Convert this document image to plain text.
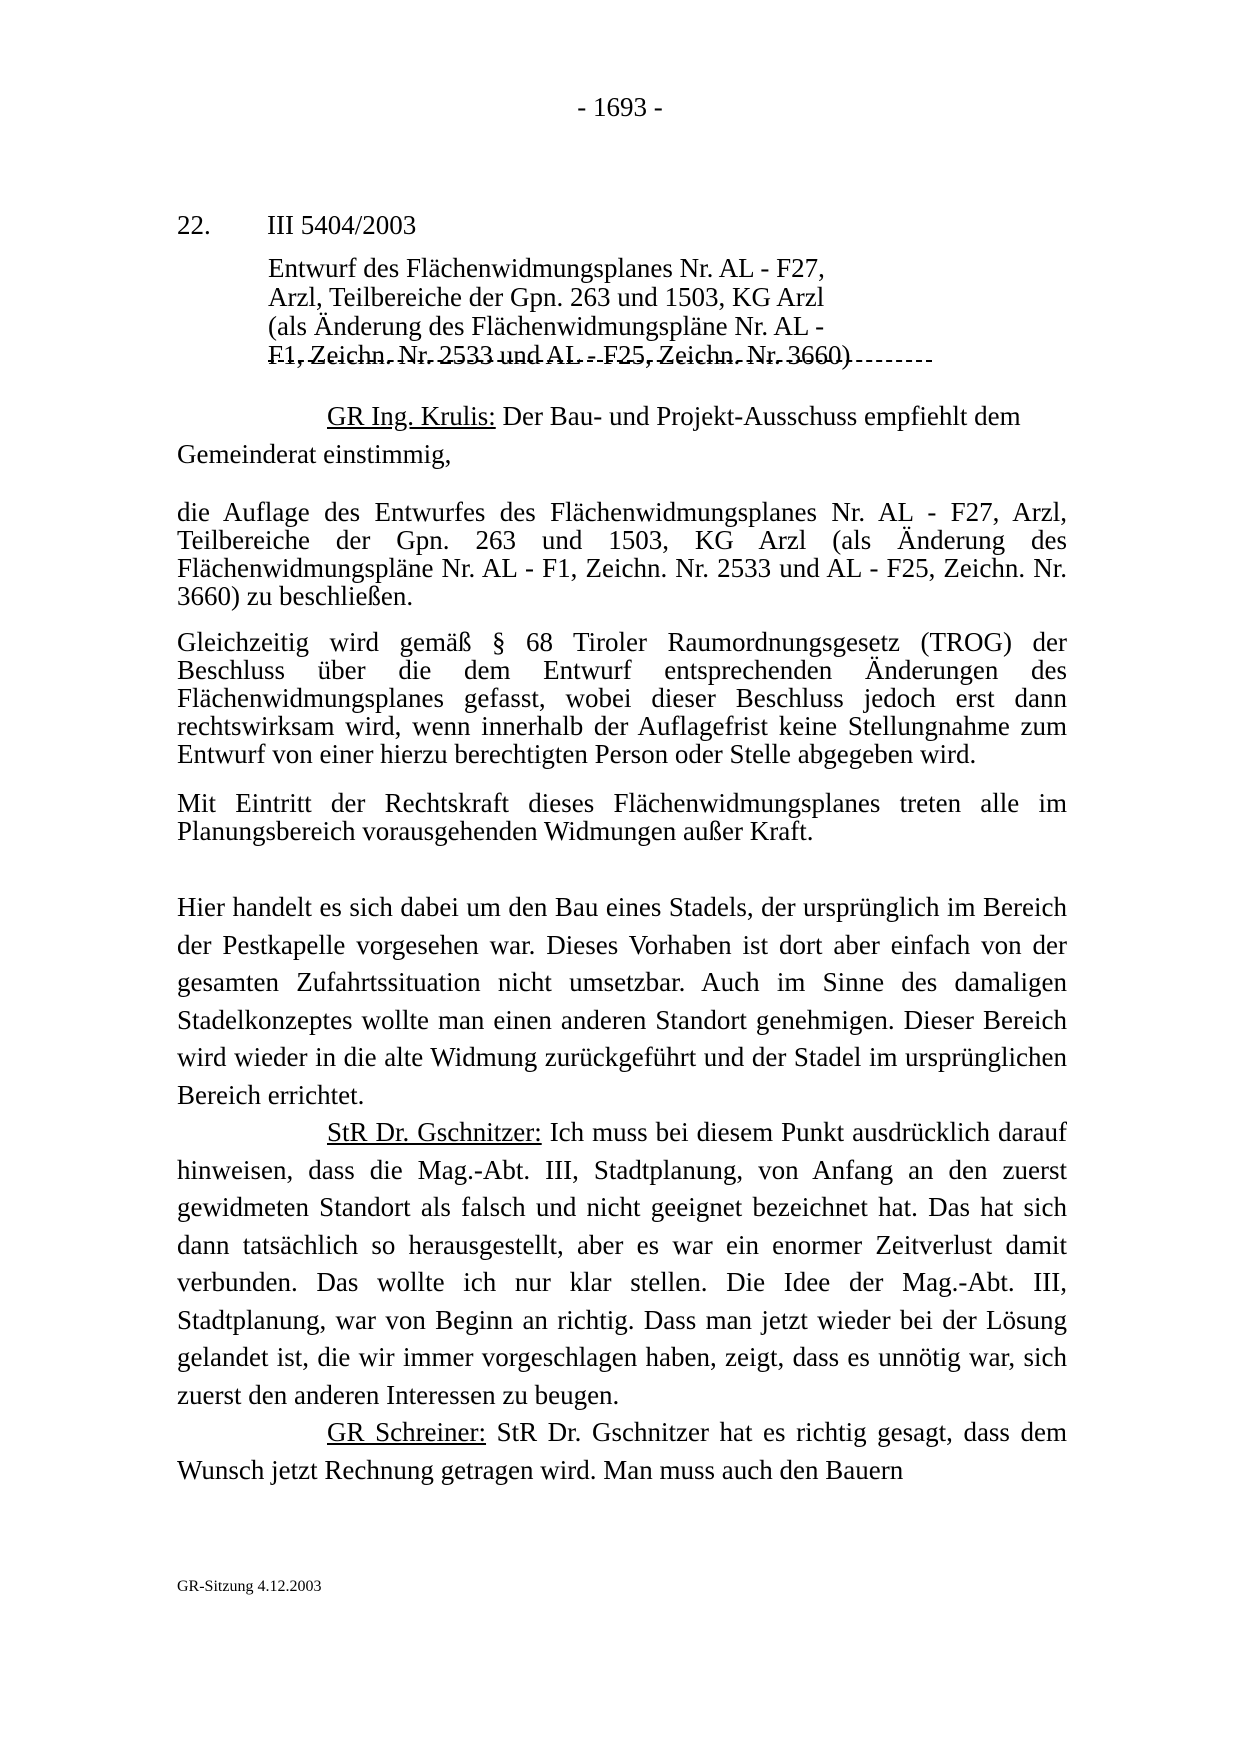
- 1693 -
22. III 5404/2003
Entwurf des Flächenwidmungsplanes Nr. AL - F27,
Arzl, Teilbereiche der Gpn. 263 und 1503, KG Arzl
(als Änderung des Flächenwidmungspläne Nr. AL -
F1, Zeichn. Nr. 2533 und AL - F25, Zeichn. Nr. 3660)
GR Ing. Krulis: Der Bau- und Projekt-Ausschuss empfiehlt dem Gemeinderat einstimmig,
die Auflage des Entwurfes des Flächenwidmungsplanes Nr. AL - F27, Arzl, Teilbereiche der Gpn. 263 und 1503, KG Arzl (als Änderung des Flächenwidmungspläne Nr. AL - F1, Zeichn. Nr. 2533 und AL - F25, Zeichn. Nr. 3660) zu beschließen.
Gleichzeitig wird gemäß § 68 Tiroler Raumordnungsgesetz (TROG) der Beschluss über die dem Entwurf entsprechenden Änderungen des Flächenwidmungsplanes gefasst, wobei dieser Beschluss jedoch erst dann rechtswirksam wird, wenn innerhalb der Auflagefrist keine Stellungnahme zum Entwurf von einer hierzu berechtigten Person oder Stelle abgegeben wird.
Mit Eintritt der Rechtskraft dieses Flächenwidmungsplanes treten alle im Planungsbereich vorausgehenden Widmungen außer Kraft.
Hier handelt es sich dabei um den Bau eines Stadels, der ursprünglich im Bereich der Pestkapelle vorgesehen war. Dieses Vorhaben ist dort aber einfach von der gesamten Zufahrtssituation nicht umsetzbar. Auch im Sinne des damaligen Stadelkonzeptes wollte man einen anderen Standort genehmigen. Dieser Bereich wird wieder in die alte Widmung zurückgeführt und der Stadel im ursprünglichen Bereich errichtet.
StR Dr. Gschnitzer: Ich muss bei diesem Punkt ausdrücklich darauf hinweisen, dass die Mag.-Abt. III, Stadtplanung, von Anfang an den zuerst gewidmeten Standort als falsch und nicht geeignet bezeichnet hat. Das hat sich dann tatsächlich so herausgestellt, aber es war ein enormer Zeitverlust damit verbunden. Das wollte ich nur klar stellen. Die Idee der Mag.-Abt. III, Stadtplanung, war von Beginn an richtig. Dass man jetzt wieder bei der Lösung gelandet ist, die wir immer vorgeschlagen haben, zeigt, dass es unnötig war, sich zuerst den anderen Interessen zu beugen.
GR Schreiner: StR Dr. Gschnitzer hat es richtig gesagt, dass dem Wunsch jetzt Rechnung getragen wird. Man muss auch den Bauern
GR-Sitzung 4.12.2003
